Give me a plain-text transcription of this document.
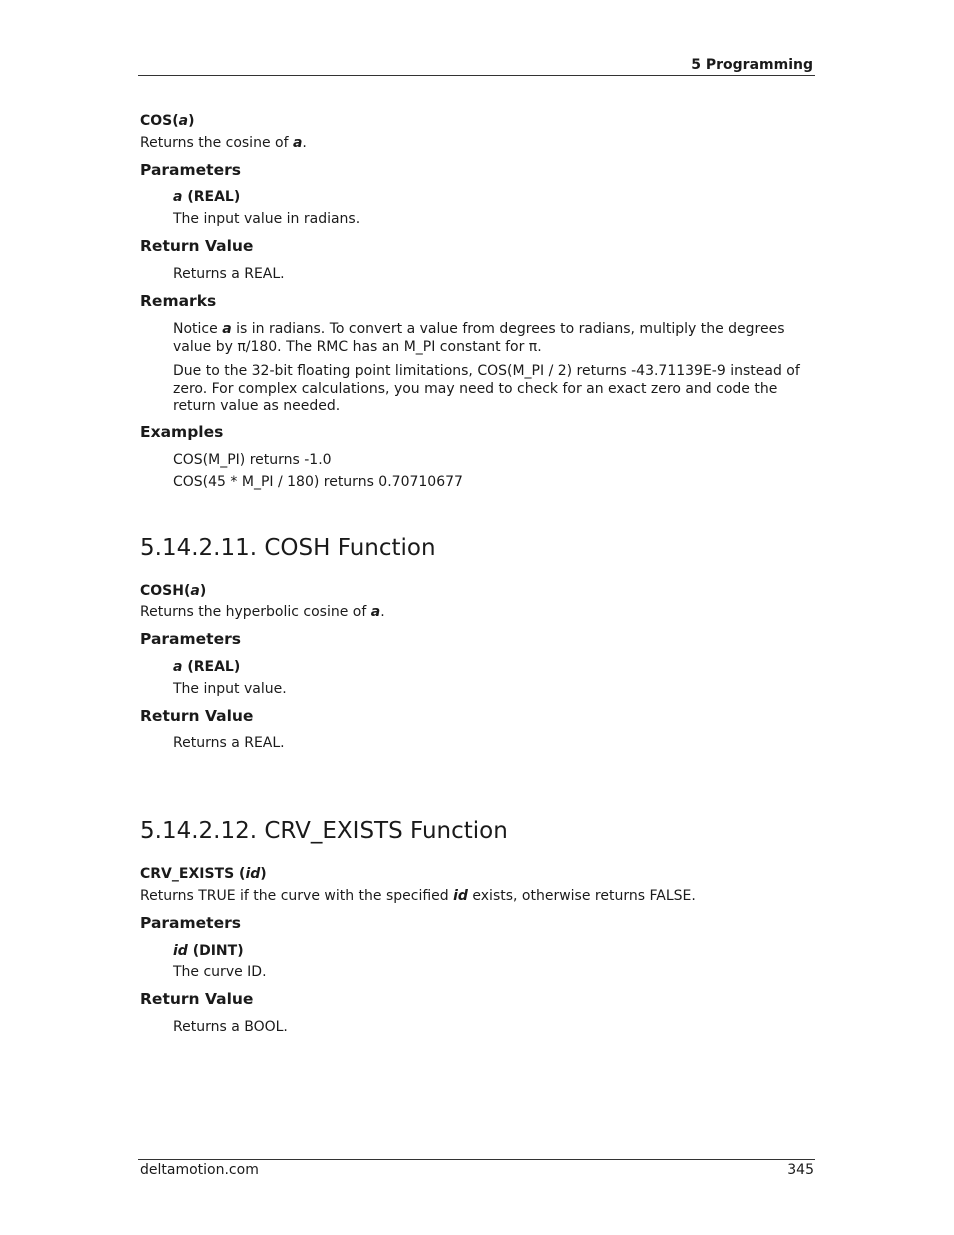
5 Programming
COS(a)
Returns the cosine of a.
Parameters
a (REAL)
The input value in radians.
Return Value
Returns a REAL.
Remarks
Notice a is in radians. To convert a value from degrees to radians, multiply the degrees value by π/180. The RMC has an M_PI constant for π.
Due to the 32-bit floating point limitations, COS(M_PI / 2) returns -43.71139E-9 instead of zero. For complex calculations, you may need to check for an exact zero and code the return value as needed.
Examples
COS(M_PI) returns -1.0
COS(45 * M_PI / 180) returns 0.70710677
5.14.2.11. COSH Function
COSH(a)
Returns the hyperbolic cosine of a.
Parameters
a (REAL)
The input value.
Return Value
Returns a REAL.
5.14.2.12. CRV_EXISTS Function
CRV_EXISTS (id)
Returns TRUE if the curve with the specified id exists, otherwise returns FALSE.
Parameters
id (DINT)
The curve ID.
Return Value
Returns a BOOL.
deltamotion.com	345
